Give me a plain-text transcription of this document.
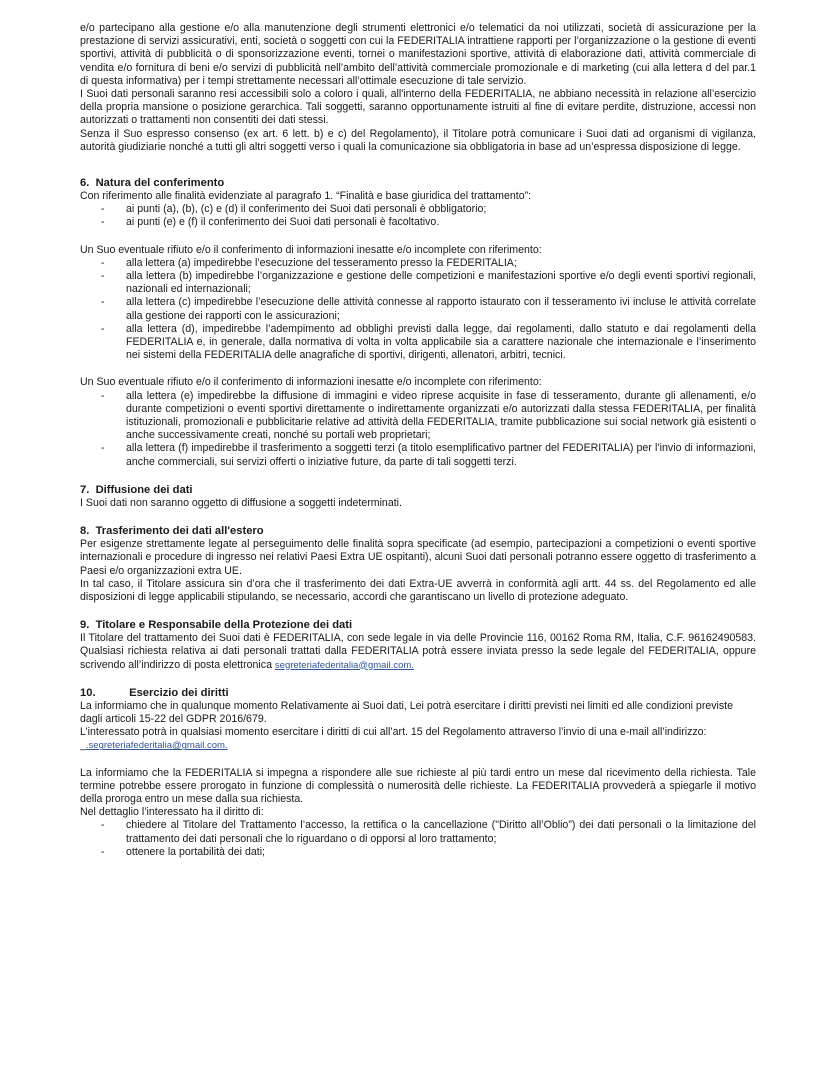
e/o partecipano alla gestione e/o alla manutenzione degli strumenti elettronici e/o telematici da noi utilizzati, società di assicurazione per la prestazione di servizi assicurativi, enti, società o soggetti con cui la FEDERITALIA intrattiene rapporti per l’organizzazione o la gestione di eventi sportivi, attività di pubblicità o di sponsorizzazione eventi, tornei o manifestazioni sportive, attività di elaborazione dati, attività commerciale di vendita e/o fornitura di beni e/o servizi di pubblicità nell’ambito dell’attività commerciale promozionale e di marketing (cui alla lettera d del par.1 di questa informativa) per i tempi strettamente necessari all’ottimale esecuzione di tale servizio.

I Suoi dati personali saranno resi accessibili solo a coloro i quali, all'interno della FEDERITALIA, ne abbiano necessità in relazione all’esercizio della propria mansione o posizione gerarchica. Tali soggetti, saranno opportunamente istruiti al fine di evitare perdite, distruzione, accessi non autorizzati o trattamenti non consentiti dei dati stessi.

Senza il Suo espresso consenso (ex art. 6 lett. b) e c) del Regolamento), il Titolare potrà comunicare i Suoi dati ad organismi di vigilanza, autorità giudiziarie nonché a tutti gli altri soggetti verso i quali la comunicazione sia obbligatoria in base ad un’espressa disposizione di legge.

6. Natura del conferimento

Con riferimento alle finalità evidenziate al paragrafo 1. “Finalità e base giuridica del trattamento”:

- ai punti (a), (b), (c) e (d) il conferimento dei Suoi dati personali è obbligatorio;
- ai punti (e) e (f) il conferimento dei Suoi dati personali è facoltativo.

Un Suo eventuale rifiuto e/o il conferimento di informazioni inesatte e/o incomplete con riferimento:

- alla lettera (a) impedirebbe l’esecuzione del tesseramento presso la FEDERITALIA;
- alla lettera (b) impedirebbe l’organizzazione e gestione delle competizioni e manifestazioni sportive e/o degli eventi sportivi regionali, nazionali ed internazionali;
- alla lettera (c) impedirebbe l’esecuzione delle attività connesse al rapporto istaurato con il tesseramento ivi incluse le attività correlate alla gestione dei rapporti con le assicurazioni;
- alla lettera (d), impedirebbe l’adempimento ad obblighi previsti dalla legge, dai regolamenti, dallo statuto e dai regolamenti della FEDERITALIA e, in generale, dalla normativa di volta in volta applicabile sia a carattere nazionale che internazionale e l’inserimento nei sistemi della FEDERITALIA delle anagrafiche di sportivi, dirigenti, allenatori, arbitri, tecnici.

Un Suo eventuale rifiuto e/o il conferimento di informazioni inesatte e/o incomplete con riferimento:

- alla lettera (e) impedirebbe la diffusione di immagini e video riprese acquisite in fase di tesseramento, durante gli allenamenti, e/o durante competizioni o eventi sportivi direttamente o indirettamente organizzati e/o autorizzati dalla stessa FEDERITALIA, per finalità istituzionali, promozionali e pubblicitarie relative ad attività della FEDERITALIA, tramite pubblicazione sui social network già esistenti o anche successivamente creati, nonché su portali web proprietari;
- alla lettera (f) impedirebbe il trasferimento a soggetti terzi (a titolo esemplificativo partner del FEDERITALIA) per l’invio di informazioni, anche commerciali, sui servizi offerti o iniziative future, da parte di tali soggetti terzi.
7. Diffusione dei dati

I Suoi dati non saranno oggetto di diffusione a soggetti indeterminati.

8. Trasferimento dei dati all'estero

Per esigenze strettamente legate al perseguimento delle finalità sopra specificate (ad esempio, partecipazioni a competizioni o eventi sportive internazionali e procedure di ingresso nei relativi Paesi Extra UE ospitanti), alcuni Suoi dati personali potranno essere oggetto di trasferimento a Paesi e/o organizzazioni extra UE.

In tal caso, il Titolare assicura sin d’ora che il trasferimento dei dati Extra-UE avverrà in conformità agli artt. 44 ss. del Regolamento ed alle disposizioni di legge applicabili stipulando, se necessario, accordi che garantiscano un livello di protezione adeguato.

9. Titolare e Responsabile della Protezione dei dati

Il Titolare del trattamento dei Suoi dati è FEDERITALIA, con sede legale in via delle Provincie 116, 00162 Roma RM, Italia, C.F. 96162490583. Qualsiasi richiesta relativa ai dati personali trattati dalla FEDERITALIA potrà essere inviata presso la sede legale del FEDERITALIA, oppure scrivendo all’indirizzo di posta elettronica segreteriafederitalia@gmail.com.

10.	Esercizio dei diritti

La informiamo che in qualunque momento Relativamente ai Suoi dati, Lei potrà esercitare i diritti previsti nei limiti ed alle condizioni previste dagli articoli 15-22 del GDPR 2016/679.

L’interessato potrà in qualsiasi momento esercitare i diritti di cui all’art. 15 del Regolamento attraverso l’invio di una e-mail all’indirizzo: _.segreteriafederitalia@gmail.com.

La informiamo che la FEDERITALIA si impegna a rispondere alle sue richieste al più tardi entro un mese dal ricevimento della richiesta. Tale termine potrebbe essere prorogato in funzione di complessità o numerosità delle richieste. La FEDERITALIA provvederà a spiegarle il motivo della proroga entro un mese dalla sua richiesta.

Nel dettaglio l’interessato ha il diritto di:

- chiedere al Titolare del Trattamento l’accesso, la rettifica o la cancellazione ("Diritto all’Oblio”) dei dati personali o la limitazione del trattamento dei dati personali che lo riguardano o di opporsi al loro trattamento;
- ottenere la portabilità dei dati;
